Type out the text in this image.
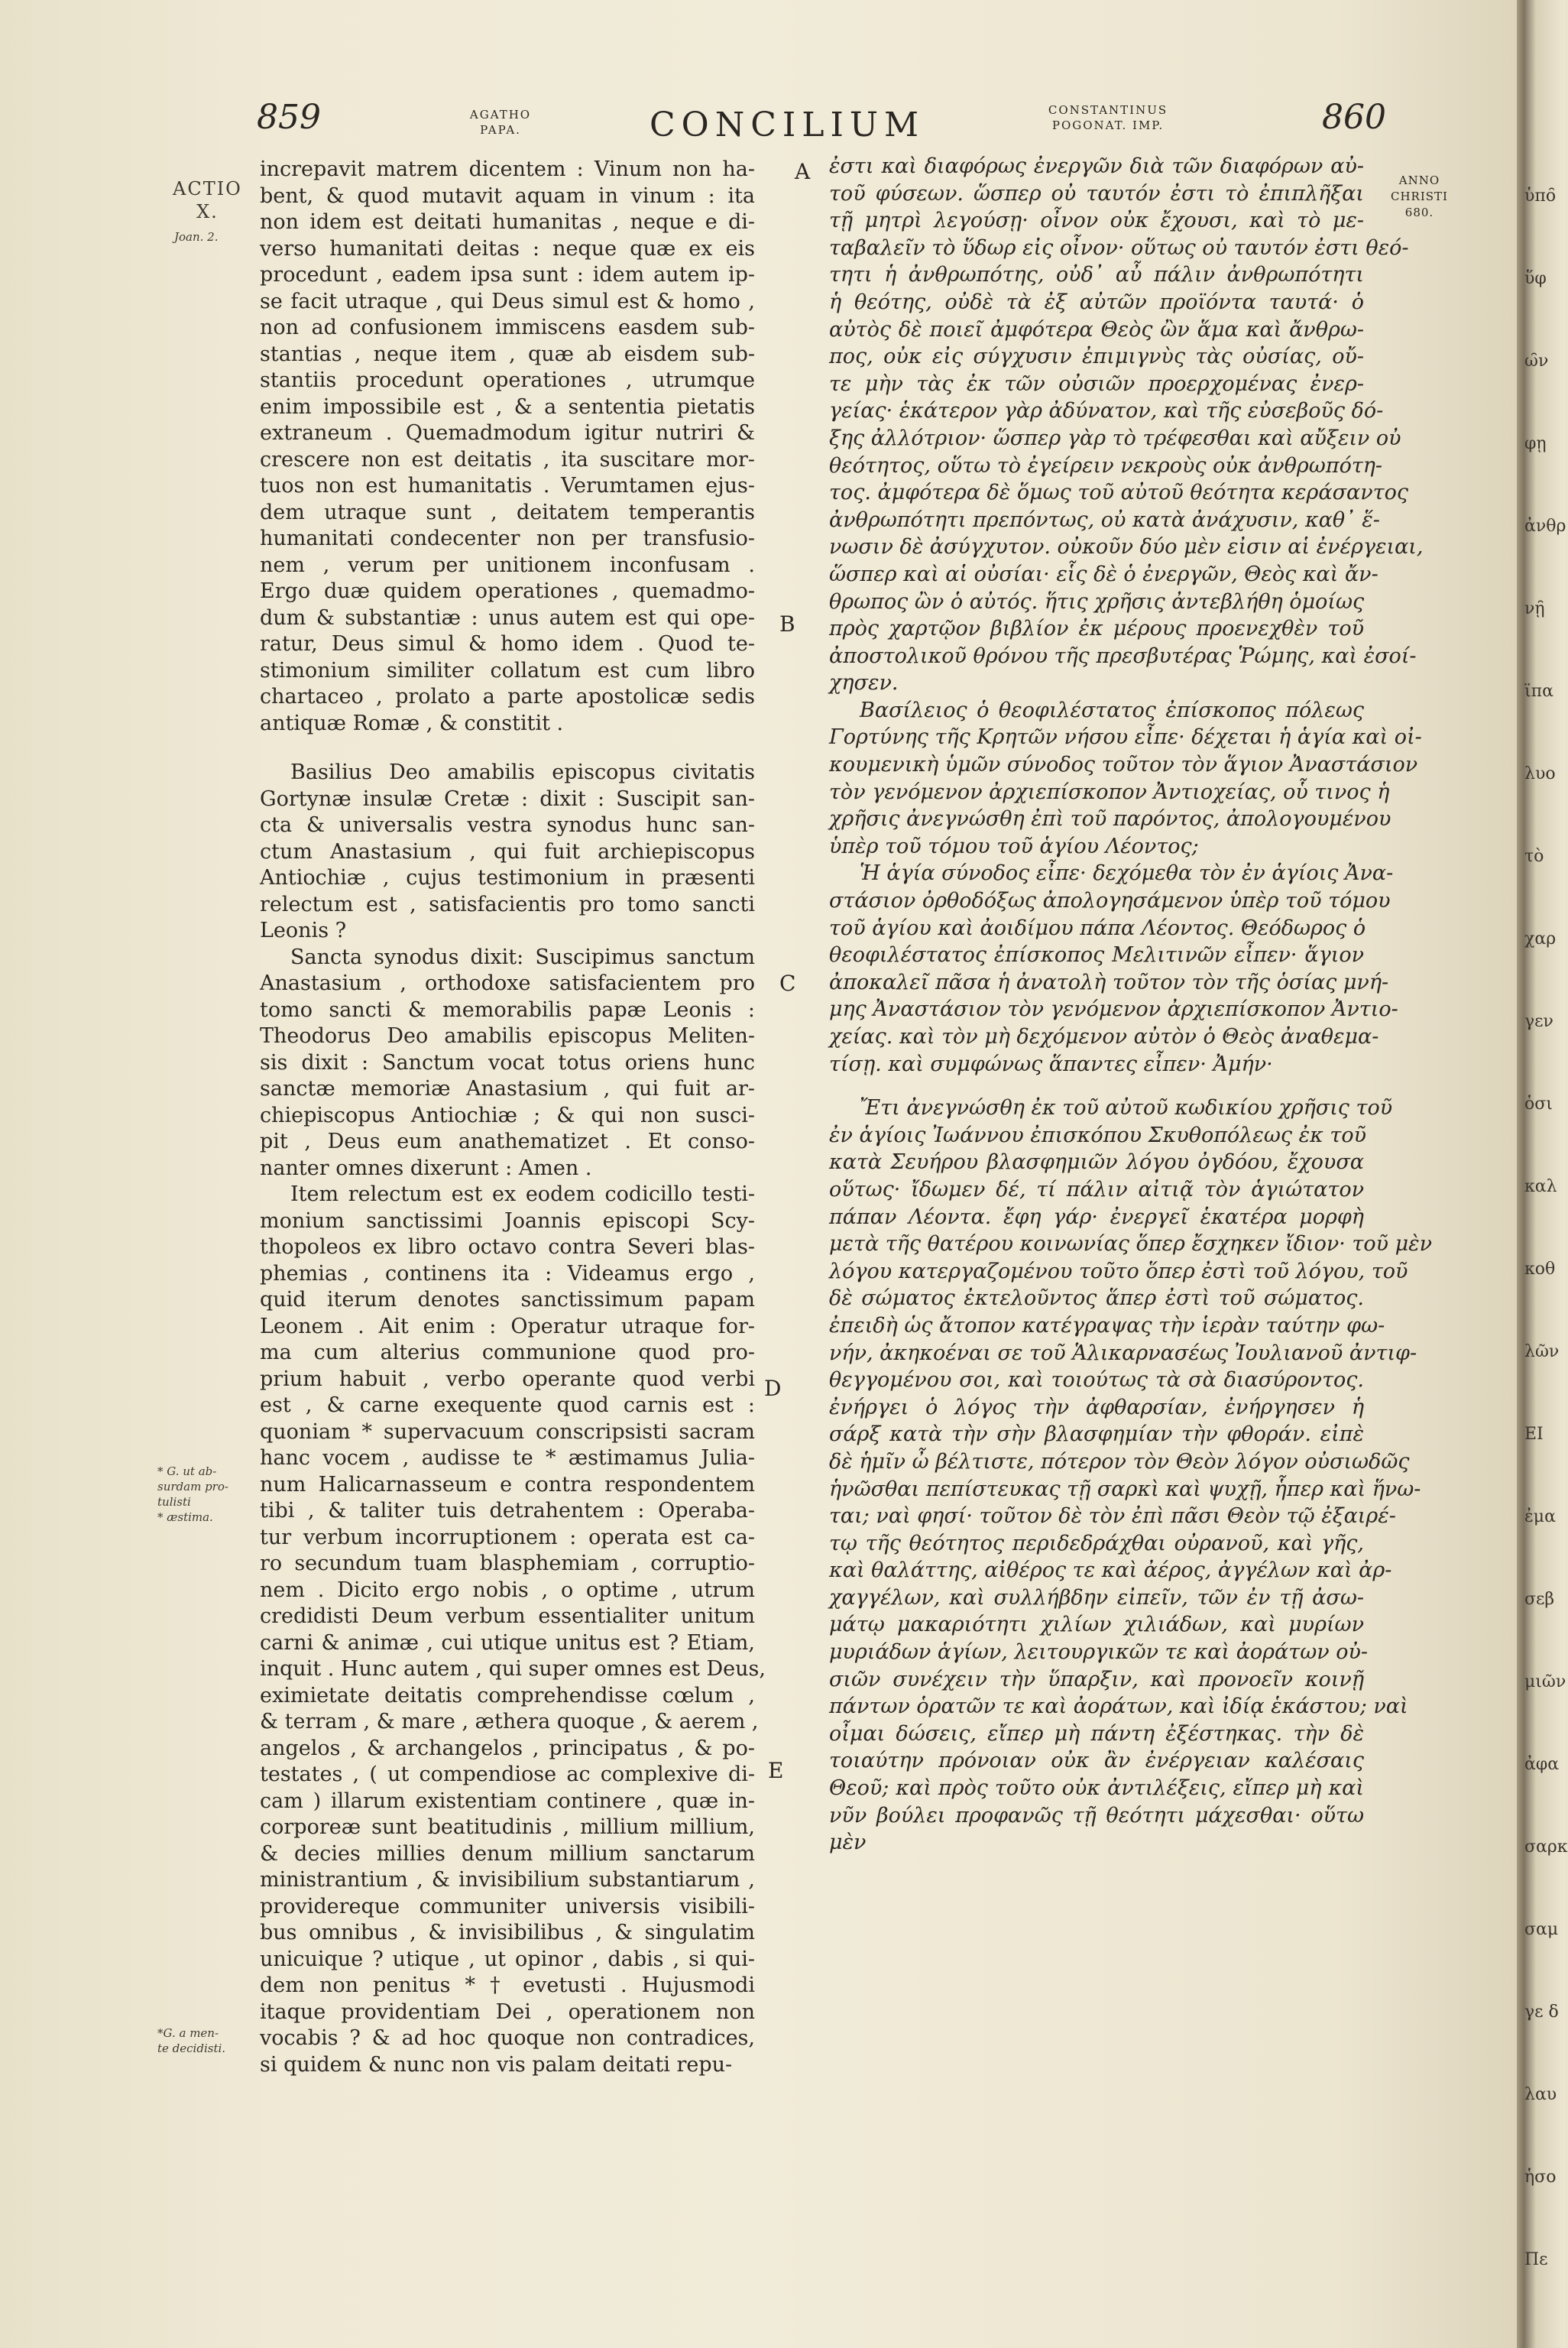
859	AGATHO
PAPA.	CONCILIUM	CONSTANTINUS
POGONAT. IMP.	860
ACTIO
X.
Joan. 2.
* G. ut ab-
surdam pro-
tulisti
* æstima.
*G. a men-
te decidisti.
ANNO
CHRISTI
680.
A
B
C
D
E

increpavit matrem dicentem : Vinum non ha-
bent, & quod mutavit aquam in vinum : ita
non idem est deitati humanitas , neque e di-
verso humanitati deitas : neque quæ ex eis
procedunt , eadem ipsa sunt : idem autem ip-
se facit utraque , qui Deus simul est & homo ,
non ad confusionem immiscens easdem sub-
stantias , neque item , quæ ab eisdem sub-
stantiis procedunt operationes , utrumque
enim impossibile est , & a sententia pietatis
extraneum . Quemadmodum igitur nutriri &
crescere non est deitatis , ita suscitare mor-
tuos non est humanitatis . Verumtamen ejus-
dem utraque sunt , deitatem temperantis
humanitati condecenter non per transfusio-
nem , verum per unitionem inconfusam .
Ergo duæ quidem operationes , quemadmo-
dum & substantiæ : unus autem est qui ope-
ratur, Deus simul & homo idem . Quod te-
stimonium similiter collatum est cum libro
chartaceo , prolato a parte apostolicæ sedis
antiquæ Romæ , & constitit .

Basilius Deo amabilis episcopus civitatis
Gortynæ insulæ Cretæ : dixit : Suscipit san-
cta & universalis vestra synodus hunc san-
ctum Anastasium , qui fuit archiepiscopus
Antiochiæ , cujus testimonium in præsenti
relectum est , satisfacientis pro tomo sancti
Leonis ?

Sancta synodus dixit: Suscipimus sanctum
Anastasium , orthodoxe satisfacientem pro
tomo sancti & memorabilis papæ Leonis :
Theodorus Deo amabilis episcopus Meliten-
sis dixit : Sanctum vocat totus oriens hunc
sanctæ memoriæ Anastasium , qui fuit ar-
chiepiscopus Antiochiæ ; & qui non susci-
pit , Deus eum anathematizet . Et conso-
nanter omnes dixerunt : Amen .

Item relectum est ex eodem codicillo testi-
monium sanctissimi Joannis episcopi Scy-
thopoleos ex libro octavo contra Severi blas-
phemias , continens ita : Videamus ergo ,
quid iterum denotes sanctissimum papam
Leonem . Ait enim : Operatur utraque for-
ma cum alterius communione quod pro-
prium habuit , verbo operante quod verbi
est , & carne exequente quod carnis est :
quoniam * supervacuum conscripsisti sacram
hanc vocem , audisse te * æstimamus Julia-
num Halicarnasseum e contra respondentem
tibi , & taliter tuis detrahentem : Operaba-
tur verbum incorruptionem : operata est ca-
ro secundum tuam blasphemiam , corruptio-
nem . Dicito ergo nobis , o optime , utrum
credidisti Deum verbum essentialiter unitum
carni & animæ , cui utique unitus est ? Etiam,
inquit . Hunc autem , qui super omnes est Deus,
eximietate deitatis comprehendisse cœlum ,
& terram , & mare , æthera quoque , & aerem ,
angelos , & archangelos , principatus , & po-
testates , ( ut compendiose ac complexive di-
cam ) illarum existentiam continere , quæ in-
corporeæ sunt beatitudinis , millium millium,
& decies millies denum millium sanctarum
ministrantium , & invisibilium substantiarum ,
providereque communiter universis visibili-
bus omnibus , & invisibilibus , & singulatim
unicuique ? utique , ut opinor , dabis , si qui-
dem non penitus * † evetusti . Hujusmodi
itaque providentiam Dei , operationem non
vocabis ? & ad hoc quoque non contradices,
si quidem & nunc non vis palam deitati repu-

ἐστι καὶ διαφόρως ἐνεργῶν διὰ τῶν διαφόρων αὐ-
τοῦ φύσεων. ὥσπερ οὐ ταυτόν ἐστι τὸ ἐπιπλῆξαι
τῇ μητρὶ λεγούσῃ· οἶνον οὐκ ἔχουσι, καὶ τὸ με-
ταβαλεῖν τὸ ὕδωρ εἰς οἶνον· οὕτως οὐ ταυτόν ἐστι θεό-
τητι ἡ ἀνθρωπότης, οὐδ᾽ αὖ πάλιν ἀνθρωπότητι
ἡ θεότης, οὐδὲ τὰ ἐξ αὐτῶν προϊόντα ταυτά· ὁ
αὐτὸς δὲ ποιεῖ ἀμφότερα Θεὸς ὢν ἅμα καὶ ἄνθρω-
πος, οὐκ εἰς σύγχυσιν ἐπιμιγνὺς τὰς οὐσίας, οὔ-
τε μὴν τὰς ἐκ τῶν οὐσιῶν προερχομένας ἐνερ-
γείας· ἑκάτερον γὰρ ἀδύνατον, καὶ τῆς εὐσεβοῦς δό-
ξης ἀλλότριον· ὥσπερ γὰρ τὸ τρέφεσθαι καὶ αὔξειν οὐ
θεότητος, οὕτω τὸ ἐγείρειν νεκροὺς οὐκ ἀνθρωπότη-
τος. ἀμφότερα δὲ ὅμως τοῦ αὐτοῦ θεότητα κεράσαντος
ἀνθρωπότητι πρεπόντως, οὐ κατὰ ἀνάχυσιν, καθ᾽ ἕ-
νωσιν δὲ ἀσύγχυτον. οὐκοῦν δύο μὲν εἰσιν αἱ ἐνέργειαι,
ὥσπερ καὶ αἱ οὐσίαι· εἷς δὲ ὁ ἐνεργῶν, Θεὸς καὶ ἄν-
θρωπος ὢν ὁ αὐτός. ἥτις χρῆσις ἀντεβλήθη ὁμοίως
πρὸς χαρτῷον βιβλίον ἐκ μέρους προενεχθὲν τοῦ
ἀποστολικοῦ θρόνου τῆς πρεσβυτέρας Ῥώμης, καὶ ἐσοί-
χησεν.

Βασίλειος ὁ θεοφιλέστατος ἐπίσκοπος πόλεως
Γορτύνης τῆς Κρητῶν νήσου εἶπε· δέχεται ἡ ἁγία καὶ οἰ-
κουμενικὴ ὑμῶν σύνοδος τοῦτον τὸν ἅγιον Ἀναστάσιον
τὸν γενόμενον ἀρχιεπίσκοπον Ἀντιοχείας, οὗ τινος ἡ
χρῆσις ἀνεγνώσθη ἐπὶ τοῦ παρόντος, ἀπολογουμένου
ὑπὲρ τοῦ τόμου τοῦ ἁγίου Λέοντος;

Ἡ ἁγία σύνοδος εἶπε· δεχόμεθα τὸν ἐν ἁγίοις Ἀνα-
στάσιον ὀρθοδόξως ἀπολογησάμενον ὑπὲρ τοῦ τόμου
τοῦ ἁγίου καὶ ἀοιδίμου πάπα Λέοντος. Θεόδωρος ὁ
θεοφιλέστατος ἐπίσκοπος Μελιτινῶν εἶπεν· ἅγιον
ἀποκαλεῖ πᾶσα ἡ ἀνατολὴ τοῦτον τὸν τῆς ὁσίας μνή-
μης Ἀναστάσιον τὸν γενόμενον ἀρχιεπίσκοπον Ἀντιο-
χείας. καὶ τὸν μὴ δεχόμενον αὐτὸν ὁ Θεὸς ἀναθεμα-
τίσῃ. καὶ συμφώνως ἅπαντες εἶπεν· Ἀμήν·

Ἔτι ἀνεγνώσθη ἐκ τοῦ αὐτοῦ κωδικίου χρῆσις τοῦ
ἐν ἁγίοις Ἰωάννου ἐπισκόπου Σκυθοπόλεως ἐκ τοῦ
κατὰ Σευήρου βλασφημιῶν λόγου ὀγδόου, ἔχουσα
οὕτως· ἴδωμεν δέ, τί πάλιν αἰτιᾷ τὸν ἁγιώτατον
πάπαν Λέοντα. ἔφη γάρ· ἐνεργεῖ ἑκατέρα μορφὴ
μετὰ τῆς θατέρου κοινωνίας ὅπερ ἔσχηκεν ἴδιον· τοῦ μὲν
λόγου κατεργαζομένου τοῦτο ὅπερ ἐστὶ τοῦ λόγου, τοῦ
δὲ σώματος ἐκτελοῦντος ἅπερ ἐστὶ τοῦ σώματος.
ἐπειδὴ ὡς ἄτοπον κατέγραψας τὴν ἱερὰν ταύτην φω-
νήν, ἀκηκοέναι σε τοῦ Ἁλικαρνασέως Ἰουλιανοῦ ἀντιφ-
θεγγομένου σοι, καὶ τοιούτως τὰ σὰ διασύροντος.
ἐνήργει ὁ λόγος τὴν ἀφθαρσίαν, ἐνήργησεν ἡ
σάρξ κατὰ τὴν σὴν βλασφημίαν τὴν φθοράν. εἰπὲ
δὲ ἡμῖν ὦ βέλτιστε, πότερον τὸν Θεὸν λόγον οὐσιωδῶς
ἡνῶσθαι πεπίστευκας τῇ σαρκὶ καὶ ψυχῇ, ἧπερ καὶ ἥνω-
ται; ναὶ φησί· τοῦτον δὲ τὸν ἐπὶ πᾶσι Θεὸν τῷ ἐξαιρέ-
τῳ τῆς θεότητος περιδεδράχθαι οὐρανοῦ, καὶ γῆς,
καὶ θαλάττης, αἰθέρος τε καὶ ἀέρος, ἀγγέλων καὶ ἀρ-
χαγγέλων, καὶ συλλήβδην εἰπεῖν, τῶν ἐν τῇ ἀσω-
μάτῳ μακαριότητι χιλίων χιλιάδων, καὶ μυρίων
μυριάδων ἁγίων, λειτουργικῶν τε καὶ ἀοράτων οὐ-
σιῶν συνέχειν τὴν ὕπαρξιν, καὶ προνοεῖν κοινῇ
πάντων ὁρατῶν τε καὶ ἀοράτων, καὶ ἰδίᾳ ἑκάστου; ναὶ
οἶμαι δώσεις, εἴπερ μὴ πάντη ἐξέστηκας. τὴν δὲ
τοιαύτην πρόνοιαν οὐκ ἂν ἐνέργειαν καλέσαις
Θεοῦ; καὶ πρὸς τοῦτο οὐκ ἀντιλέξεις, εἴπερ μὴ καὶ
νῦν βούλει προφανῶς τῇ θεότητι μάχεσθαι· οὕτω
μὲν

ὑπο̑
ὕφ
ω̑ν
φῃ
ἀνθρ
νῃ̑
ϊπα
λυο
τὸ
χαρ
γεν
ὁσι
καλ
κοθ
λῶν
ΕΙ
ἐμα
σεβ
μιῶν
ἀφα
σαρκ
σαμ
γε δ
λαυ
ἡσο
Πε
